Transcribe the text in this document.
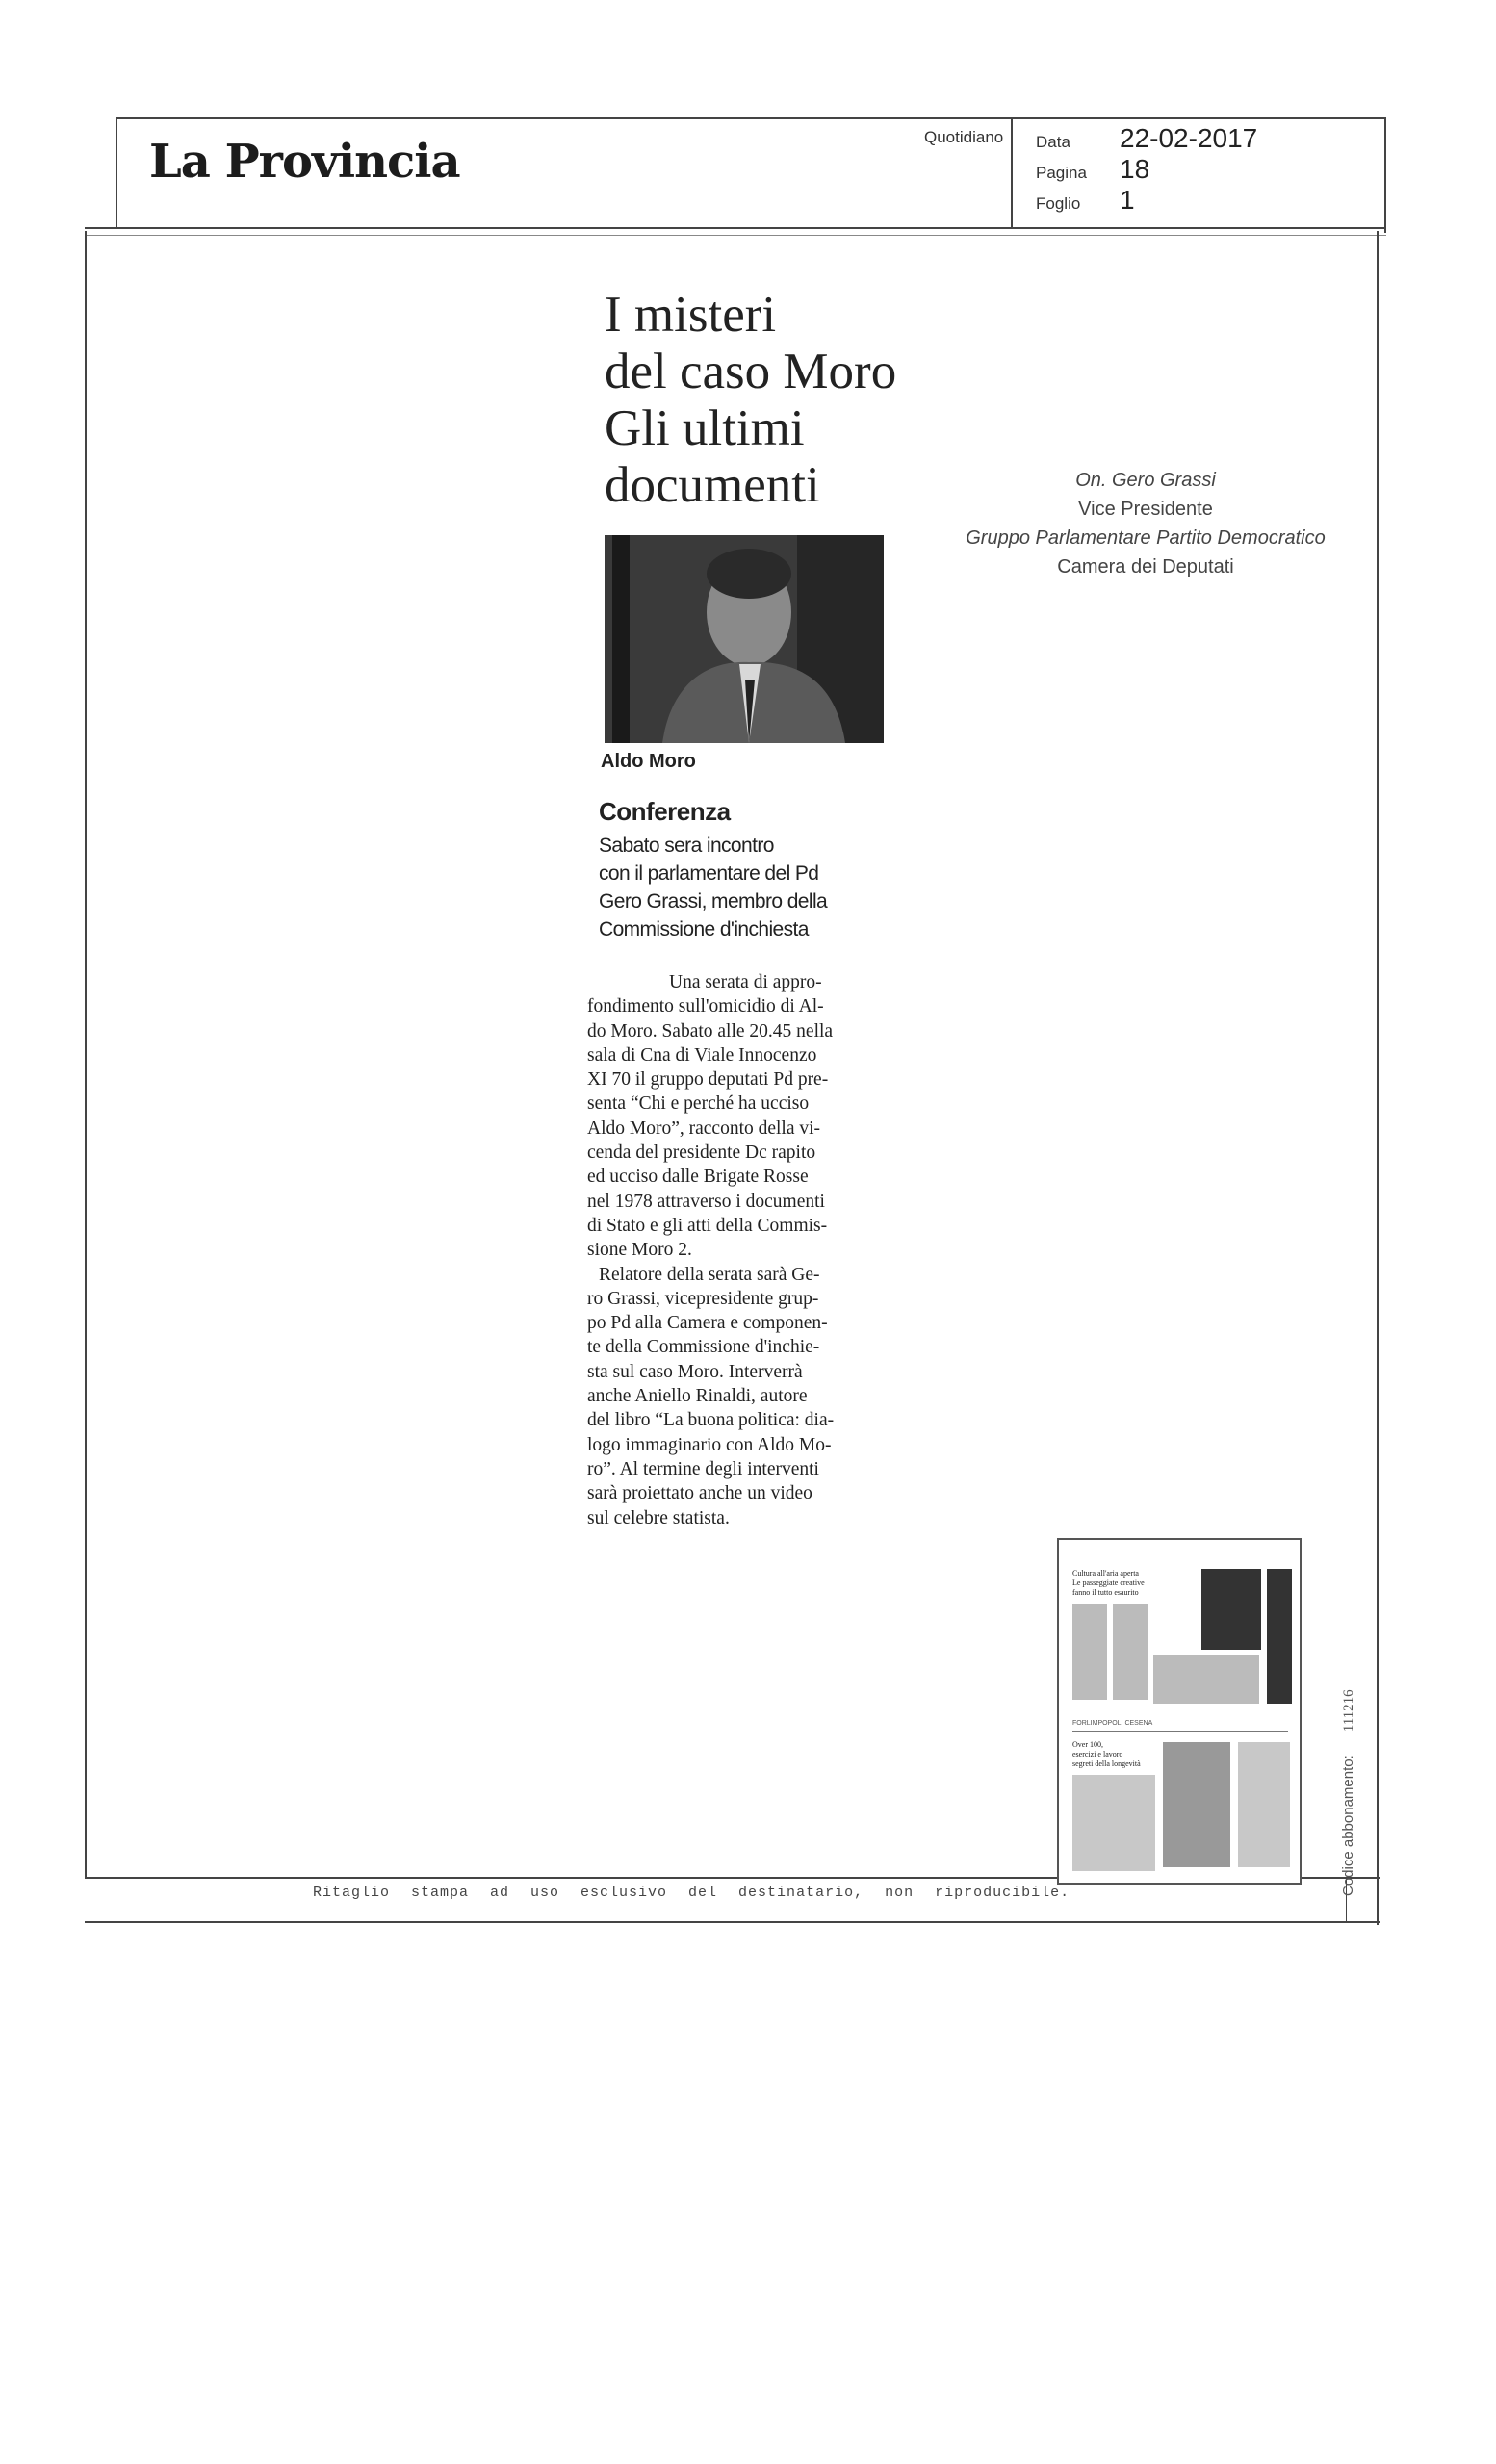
La Provincia	Quotidiano Data 22-02-2017
Pagina 18
Foglio 1
I misteri
del caso Moro
Gli ultimi
documenti
Aldo Moro
Conferenza
Sabato sera incontro
con il parlamentare del Pd
Gero Grassi, membro della
Commissione d'inchiesta

Una serata di appro-

fondimento sull'omicidio di Al-
do Moro. Sabato alle 20.45 nella
sala di Cna di Viale Innocenzo
XI 70 il gruppo deputati Pd pre-
senta “Chi e perché ha ucciso
Aldo Moro”, racconto della vi-
cenda del presidente Dc rapito
ed ucciso dalle Brigate Rosse
nel 1978 attraverso i documenti
di Stato e gli atti della Commis-
sione Moro 2.
Relatore della serata sarà Ge-
ro Grassi, vicepresidente grup-
po Pd alla Camera e componen-
te della Commissione d'inchie-
sta sul caso Moro. Interverrà
anche Aniello Rinaldi, autore
del libro “La buona politica: dia-
logo immaginario con Aldo Mo-
ro”. Al termine degli interventi
sarà proiettato anche un video
sul celebre statista.
On. Gero Grassi
Vice Presidente
Gruppo Parlamentare Partito Democratico
Camera dei Deputati
Cultura all'aria aperta
Le passeggiate creative
fanno il tutto esaurito
FORLIMPOPOLI CESENA
Over 100,
esercizi e lavoro
segreti della longevità
Ritaglio stampa ad uso esclusivo del destinatario, non riproducibile.	Codice abbonamento:111216
